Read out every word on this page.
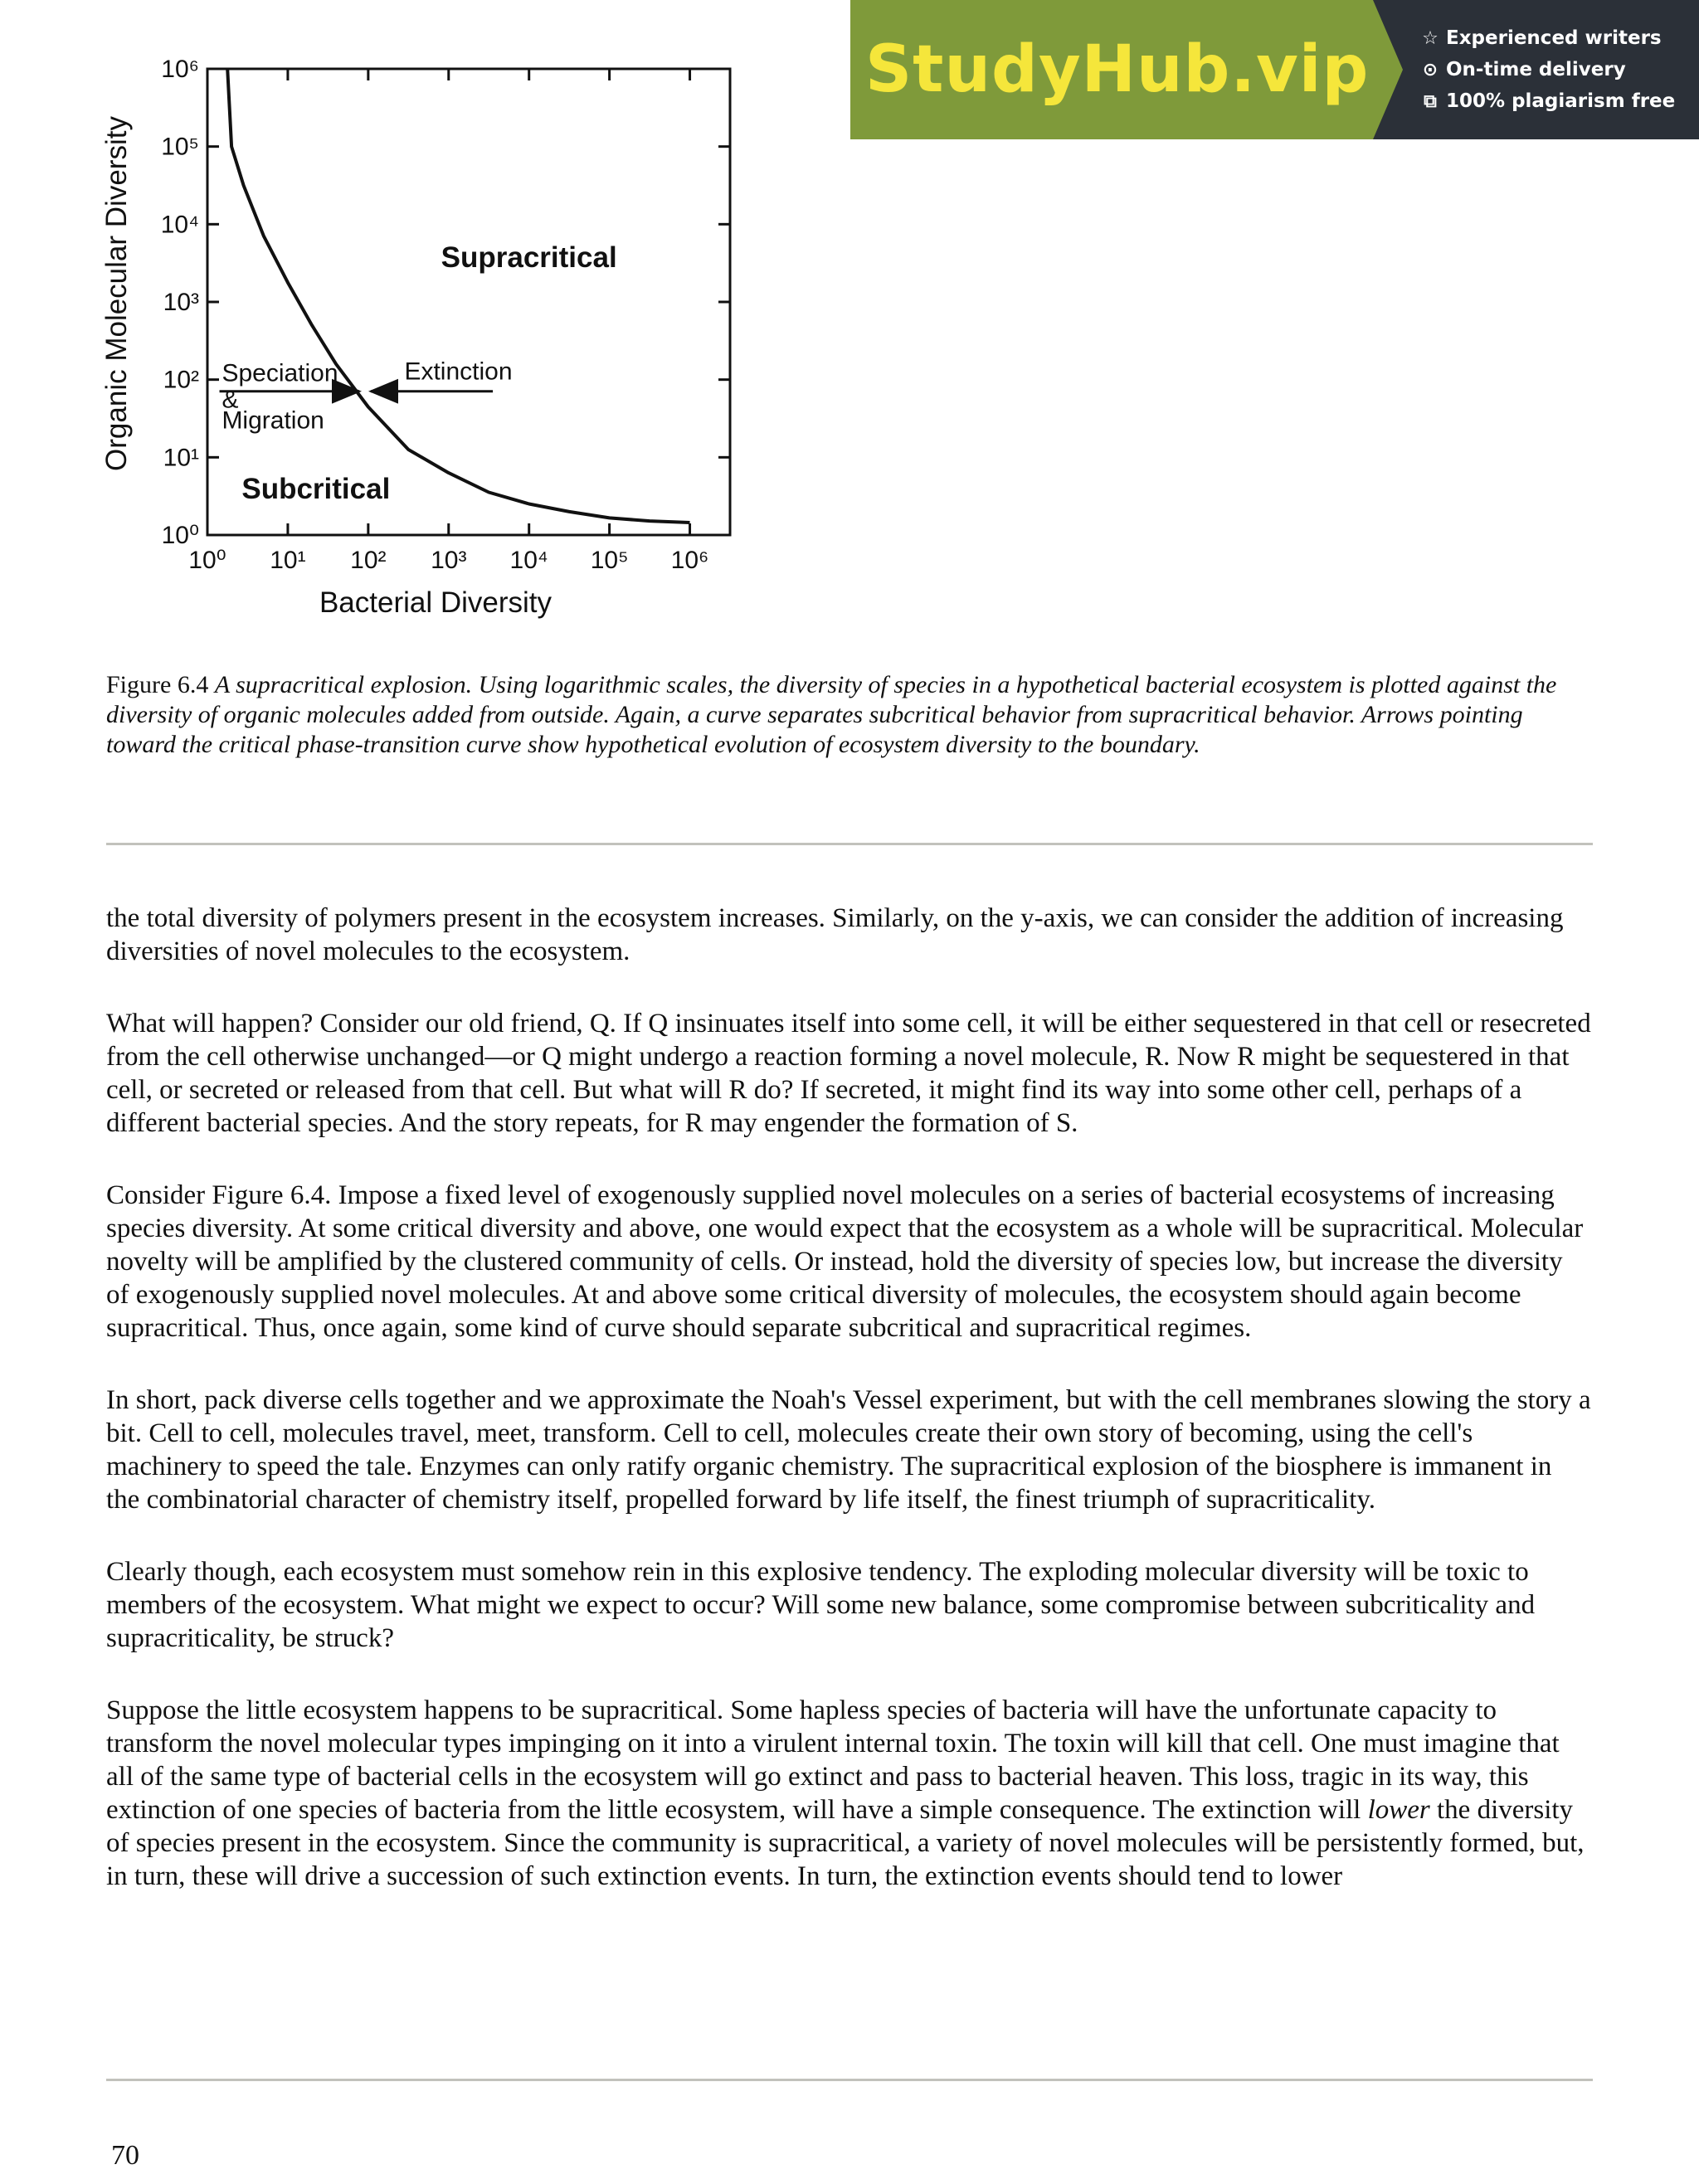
StudyHub.vip	☆ Experienced writers
⊙ On-time delivery
⧉ 100% plagiarism free
10⁰ 10¹ 10² 10³ 10⁴ 10⁵ 10⁶
10⁰
10¹
10²
10³
10⁴
10⁵
10⁶
Bacterial Diversity
Organic Molecular Diversity	Supracritical
Subcritical
Speciation
&
Migration
Extinction
Figure 6.4 A supracritical explosion. Using logarithmic scales, the diversity of species in a hypothetical bacterial ecosystem is plotted against the diversity of organic molecules added from outside. Again, a curve separates subcritical behavior from supracritical behavior. Arrows pointing toward the critical phase-transition curve show hypothetical evolution of ecosystem diversity to the boundary.

the total diversity of polymers present in the ecosystem increases. Similarly, on the y-axis, we can consider the addition of increasing diversities of novel molecules to the ecosystem.

What will happen? Consider our old friend, Q. If Q insinuates itself into some cell, it will be either sequestered in that cell or resecreted from the cell otherwise unchanged—or Q might undergo a reaction forming a novel molecule, R. Now R might be sequestered in that cell, or secreted or released from that cell. But what will R do? If secreted, it might find its way into some other cell, perhaps of a different bacterial species. And the story repeats, for R may engender the formation of S.

Consider Figure 6.4. Impose a fixed level of exogenously supplied novel molecules on a series of bacterial ecosystems of increasing species diversity. At some critical diversity and above, one would expect that the ecosystem as a whole will be supracritical. Molecular novelty will be amplified by the clustered community of cells. Or instead, hold the diversity of species low, but increase the diversity of exogenously supplied novel molecules. At and above some critical diversity of molecules, the ecosystem should again become supracritical. Thus, once again, some kind of curve should separate subcritical and supracritical regimes.

In short, pack diverse cells together and we approximate the Noah's Vessel experiment, but with the cell membranes slowing the story a bit. Cell to cell, molecules travel, meet, transform. Cell to cell, molecules create their own story of becoming, using the cell's machinery to speed the tale. Enzymes can only ratify organic chemistry. The supracritical explosion of the biosphere is immanent in the combinatorial character of chemistry itself, propelled forward by life itself, the finest triumph of supracriticality.

Clearly though, each ecosystem must somehow rein in this explosive tendency. The exploding molecular diversity will be toxic to members of the ecosystem. What might we expect to occur? Will some new balance, some compromise between subcriticality and supracriticality, be struck?

Suppose the little ecosystem happens to be supracritical. Some hapless species of bacteria will have the unfortunate capacity to transform the novel molecular types impinging on it into a virulent internal toxin. The toxin will kill that cell. One must imagine that all of the same type of bacterial cells in the ecosystem will go extinct and pass to bacterial heaven. This loss, tragic in its way, this extinction of one species of bacteria from the little ecosystem, will have a simple consequence. The extinction will lower the diversity of species present in the ecosystem. Since the community is supracritical, a variety of novel molecules will be persistently formed, but, in turn, these will drive a succession of such extinction events. In turn, the extinction events should tend to lower

70
